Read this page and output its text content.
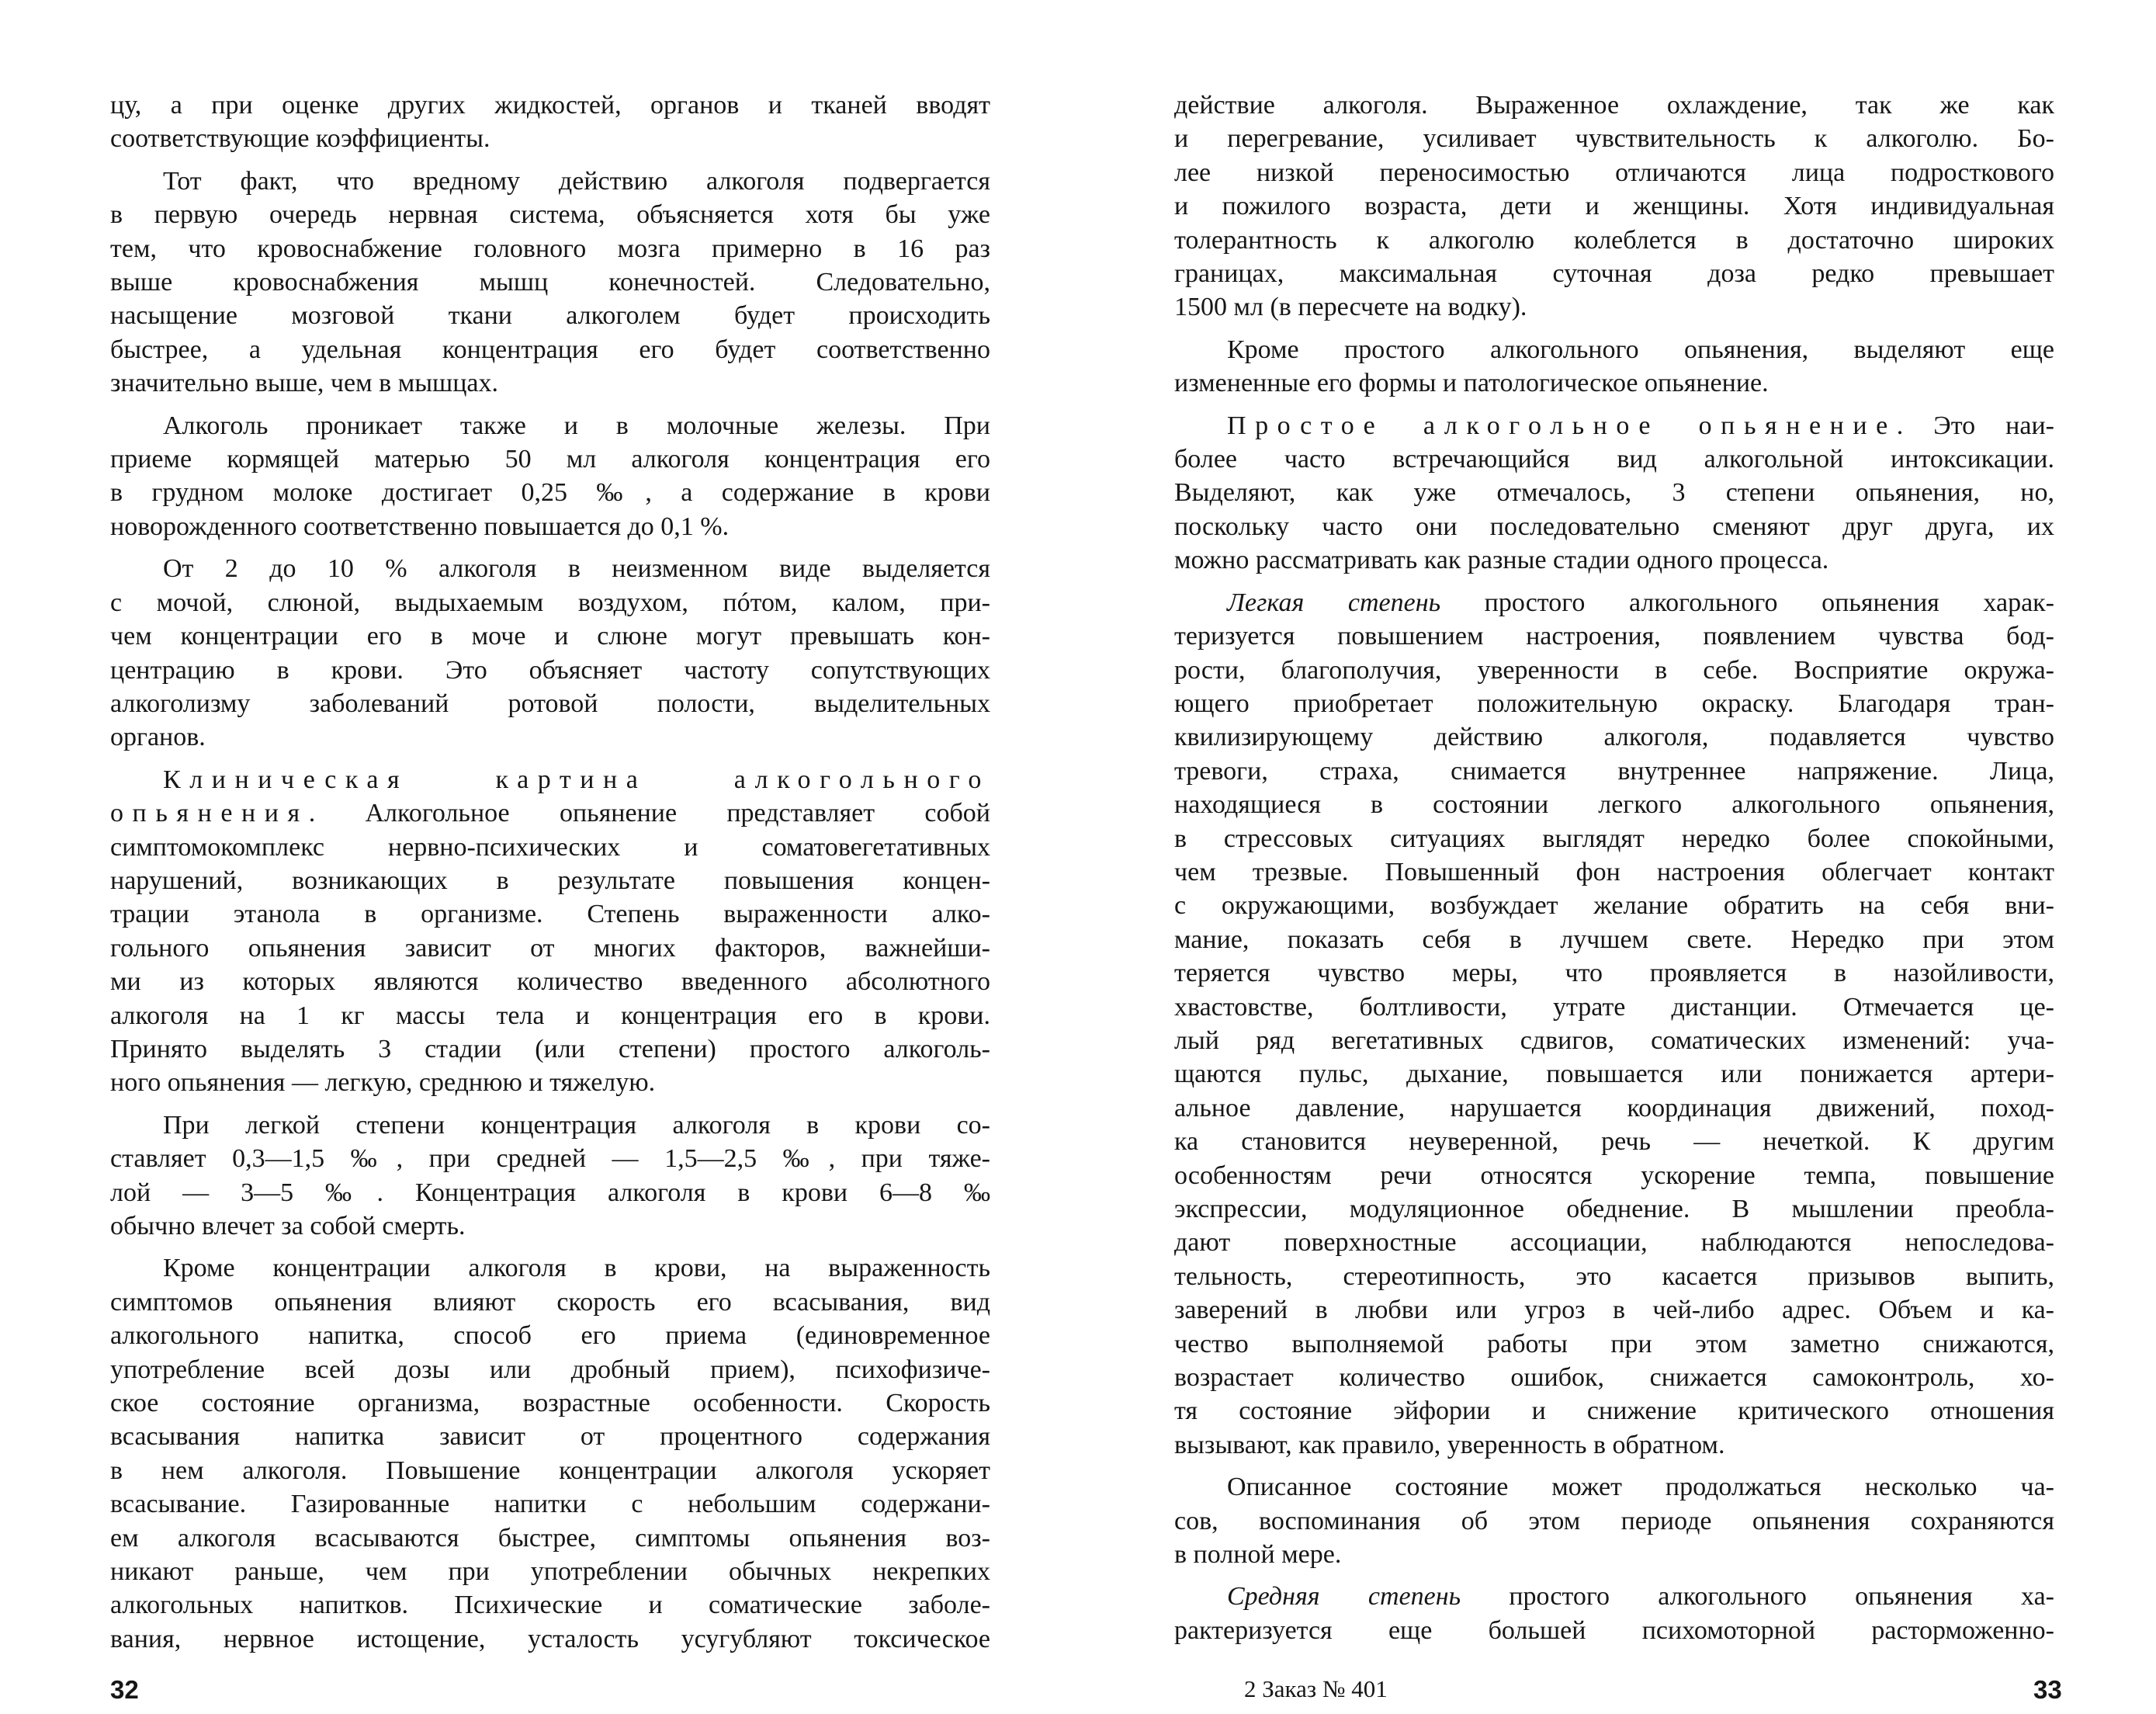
цу, а при оценке других жидкостей, органов и тканей вводят
соответствующие коэффициенты.
Тот факт, что вредному действию алкоголя подвергается
в первую очередь нервная система, объясняется хотя бы уже
тем, что кровоснабжение головного мозга примерно в 16 раз
выше кровоснабжения мышц конечностей. Следовательно,
насыщение мозговой ткани алкоголем будет происходить
быстрее, а удельная концентрация его будет соответственно
значительно выше, чем в мышцах.
Алкоголь проникает также и в молочные железы. При
приеме кормящей матерью 50 мл алкоголя концентрация его
в грудном молоке достигает 0,25 ‰, а содержание в крови
новорожденного соответственно повышается до 0,1 %.
От 2 до 10 % алкоголя в неизменном виде выделяется
с мочой, слюной, выдыхаемым воздухом, пóтом, калом, при-
чем концентрации его в моче и слюне могут превышать кон-
центрацию в крови. Это объясняет частоту сопутствующих
алкоголизму заболеваний ротовой полости, выделительных
органов.
Клиническая картина алкогольного
опьянения. Алкогольное опьянение представляет собой
симптомокомплекс нервно-психических и соматовегетативных
нарушений, возникающих в результате повышения концен-
трации этанола в организме. Степень выраженности алко-
гольного опьянения зависит от многих факторов, важнейши-
ми из которых являются количество введенного абсолютного
алкоголя на 1 кг массы тела и концентрация его в крови.
Принято выделять 3 стадии (или степени) простого алкоголь-
ного опьянения — легкую, среднюю и тяжелую.
При легкой степени концентрация алкоголя в крови со-
ставляет 0,3—1,5 ‰, при средней — 1,5—2,5 ‰, при тяже-
лой — 3—5 ‰. Концентрация алкоголя в крови 6—8 ‰
обычно влечет за собой смерть.
Кроме концентрации алкоголя в крови, на выраженность
симптомов опьянения влияют скорость его всасывания, вид
алкогольного напитка, способ его приема (единовременное
употребление всей дозы или дробный прием), психофизиче-
ское состояние организма, возрастные особенности. Скорость
всасывания напитка зависит от процентного содержания
в нем алкоголя. Повышение концентрации алкоголя ускоряет
всасывание. Газированные напитки с небольшим содержани-
ем алкоголя всасываются быстрее, симптомы опьянения воз-
никают раньше, чем при употреблении обычных некрепких
алкогольных напитков. Психические и соматические заболе-
вания, нервное истощение, усталость усугубляют токсическое
действие алкоголя. Выраженное охлаждение, так же как
и перегревание, усиливает чувствительность к алкоголю. Бо-
лее низкой переносимостью отличаются лица подросткового
и пожилого возраста, дети и женщины. Хотя индивидуальная
толерантность к алкоголю колеблется в достаточно широких
границах, максимальная суточная доза редко превышает
1500 мл (в пересчете на водку).
Кроме простого алкогольного опьянения, выделяют еще
измененные его формы и патологическое опьянение.
Простое алкогольное опьянение. Это наи-
более часто встречающийся вид алкогольной интоксикации.
Выделяют, как уже отмечалось, 3 степени опьянения, но,
поскольку часто они последовательно сменяют друг друга, их
можно рассматривать как разные стадии одного процесса.
Легкая степень простого алкогольного опьянения харак-
теризуется повышением настроения, появлением чувства бод-
рости, благополучия, уверенности в себе. Восприятие окружа-
ющего приобретает положительную окраску. Благодаря тран-
квилизирующему действию алкоголя, подавляется чувство
тревоги, страха, снимается внутреннее напряжение. Лица,
находящиеся в состоянии легкого алкогольного опьянения,
в стрессовых ситуациях выглядят нередко более спокойными,
чем трезвые. Повышенный фон настроения облегчает контакт
с окружающими, возбуждает желание обратить на себя вни-
мание, показать себя в лучшем свете. Нередко при этом
теряется чувство меры, что проявляется в назойливости,
хвастовстве, болтливости, утрате дистанции. Отмечается це-
лый ряд вегетативных сдвигов, соматических изменений: уча-
щаются пульс, дыхание, повышается или понижается артери-
альное давление, нарушается координация движений, поход-
ка становится неуверенной, речь — нечеткой. К другим
особенностям речи относятся ускорение темпа, повышение
экспрессии, модуляционное обеднение. В мышлении преобла-
дают поверхностные ассоциации, наблюдаются непоследова-
тельность, стереотипность, это касается призывов выпить,
заверений в любви или угроз в чей-либо адрес. Объем и ка-
чество выполняемой работы при этом заметно снижаются,
возрастает количество ошибок, снижается самоконтроль, хо-
тя состояние эйфории и снижение критического отношения
вызывают, как правило, уверенность в обратном.
Описанное состояние может продолжаться несколько ча-
сов, воспоминания об этом периоде опьянения сохраняются
в полной мере.
Средняя степень простого алкогольного опьянения ха-
рактеризуется еще большей психомоторной расторможенно-
32	2 Заказ № 401	33
